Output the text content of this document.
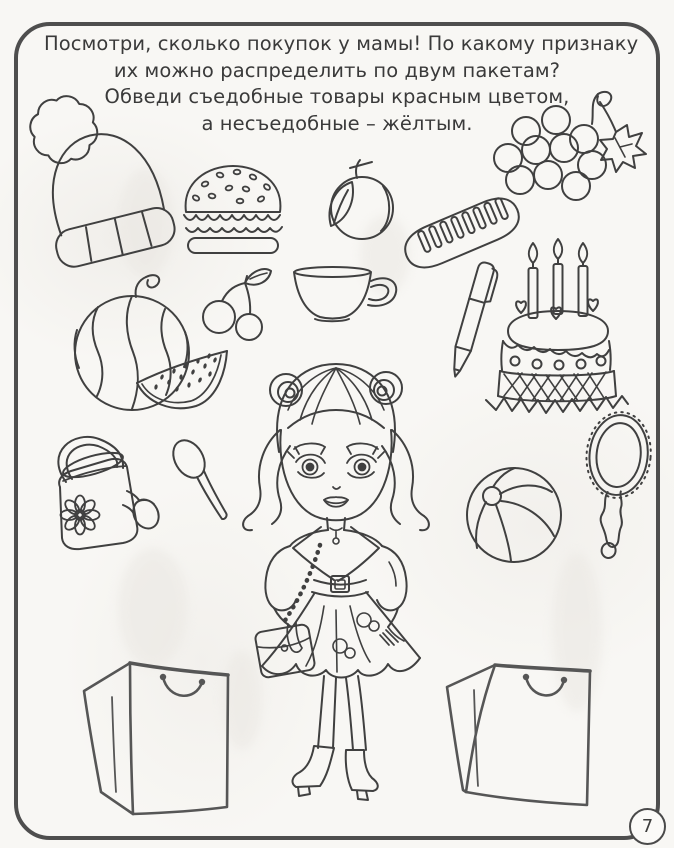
Посмотри, сколько покупок у мамы! По какому признаку
их можно распределить по двум пакетам?
Обведи съедобные товары красным цветом,
а несъедобные – жёлтым.
7
